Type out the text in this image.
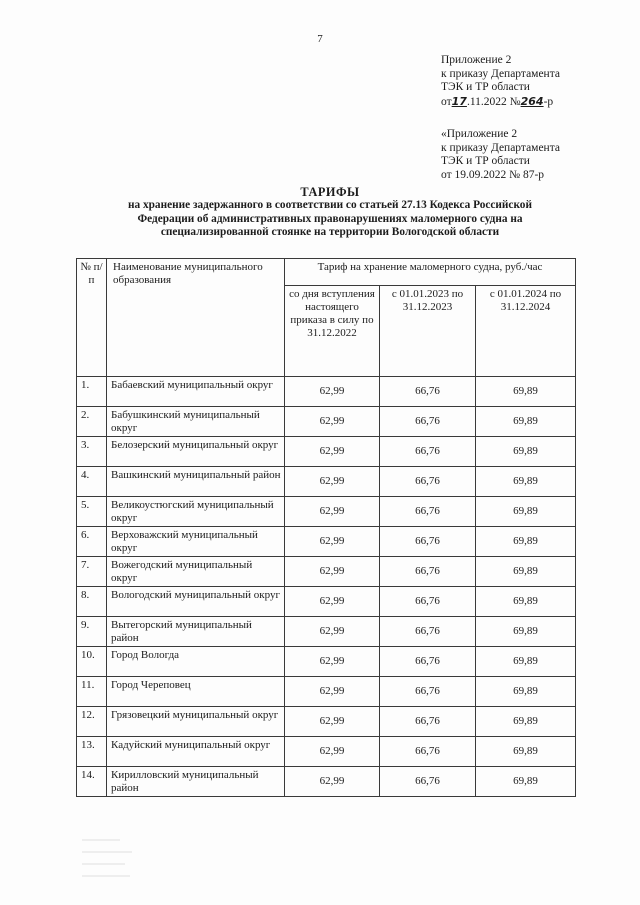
7
Приложение 2
к приказу Департамента
ТЭК и ТР области
от17.11.2022 №264-р
«Приложение 2
к приказу Департамента
ТЭК и ТР области
от 19.09.2022 № 87-р
ТАРИФЫ
на хранение задержанного в соответствии со статьей 27.13 Кодекса Российской
Федерации об административных правонарушениях маломерного судна на
специализированной стоянке на территории Вологодской области
№ п/п	Наименование муниципального образования	Тариф на хранение маломерного судна, руб./час		
		со дня вступления настоящего приказа в силу по 31.12.2022	с 01.01.2023 по 31.12.2023	с 01.01.2024 по 31.12.2024
1.	Бабаевский муниципальный округ	62,99	66,76	69,89
2.	Бабушкинский муниципальный округ	62,99	66,76	69,89
3.	Белозерский муниципальный округ	62,99	66,76	69,89
4.	Вашкинский муниципальный район	62,99	66,76	69,89
5.	Великоустюгский муниципальный округ	62,99	66,76	69,89
6.	Верховажский муниципальный округ	62,99	66,76	69,89
7.	Вожегодский муниципальный округ	62,99	66,76	69,89
8.	Вологодский муниципальный округ	62,99	66,76	69,89
9.	Вытегорский муниципальный район	62,99	66,76	69,89
10.	Город Вологда	62,99	66,76	69,89
11.	Город Череповец	62,99	66,76	69,89
12.	Грязовецкий муниципальный округ	62,99	66,76	69,89
13.	Кадуйский муниципальный округ	62,99	66,76	69,89
14.	Кирилловский муниципальный район	62,99	66,76	69,89
